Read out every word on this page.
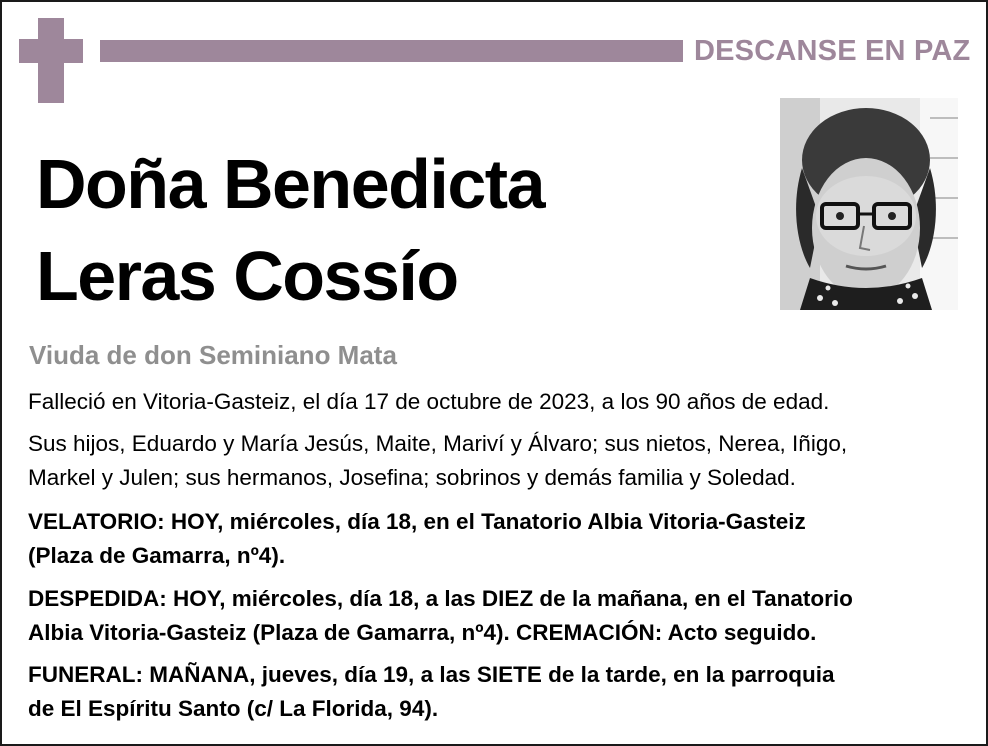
DESCANSE EN PAZ
Doña Benedicta
Leras Cossío
Viuda de don Seminiano Mata
Falleció en Vitoria-Gasteiz, el día 17 de octubre de 2023, a los 90 años de edad.
Sus hijos, Eduardo y María Jesús, Maite, Mariví y Álvaro; sus nietos, Nerea, Iñigo,
Markel y Julen; sus hermanos, Josefina; sobrinos y demás familia y Soledad.
VELATORIO: HOY, miércoles, día 18, en el Tanatorio Albia Vitoria-Gasteiz
(Plaza de Gamarra, nº4).
DESPEDIDA: HOY, miércoles, día 18, a las DIEZ de la mañana, en el Tanatorio
Albia Vitoria-Gasteiz (Plaza de Gamarra, nº4). CREMACIÓN: Acto seguido.
FUNERAL: MAÑANA, jueves, día 19, a las SIETE de la tarde, en la parroquia
de El Espíritu Santo (c/ La Florida, 94).
